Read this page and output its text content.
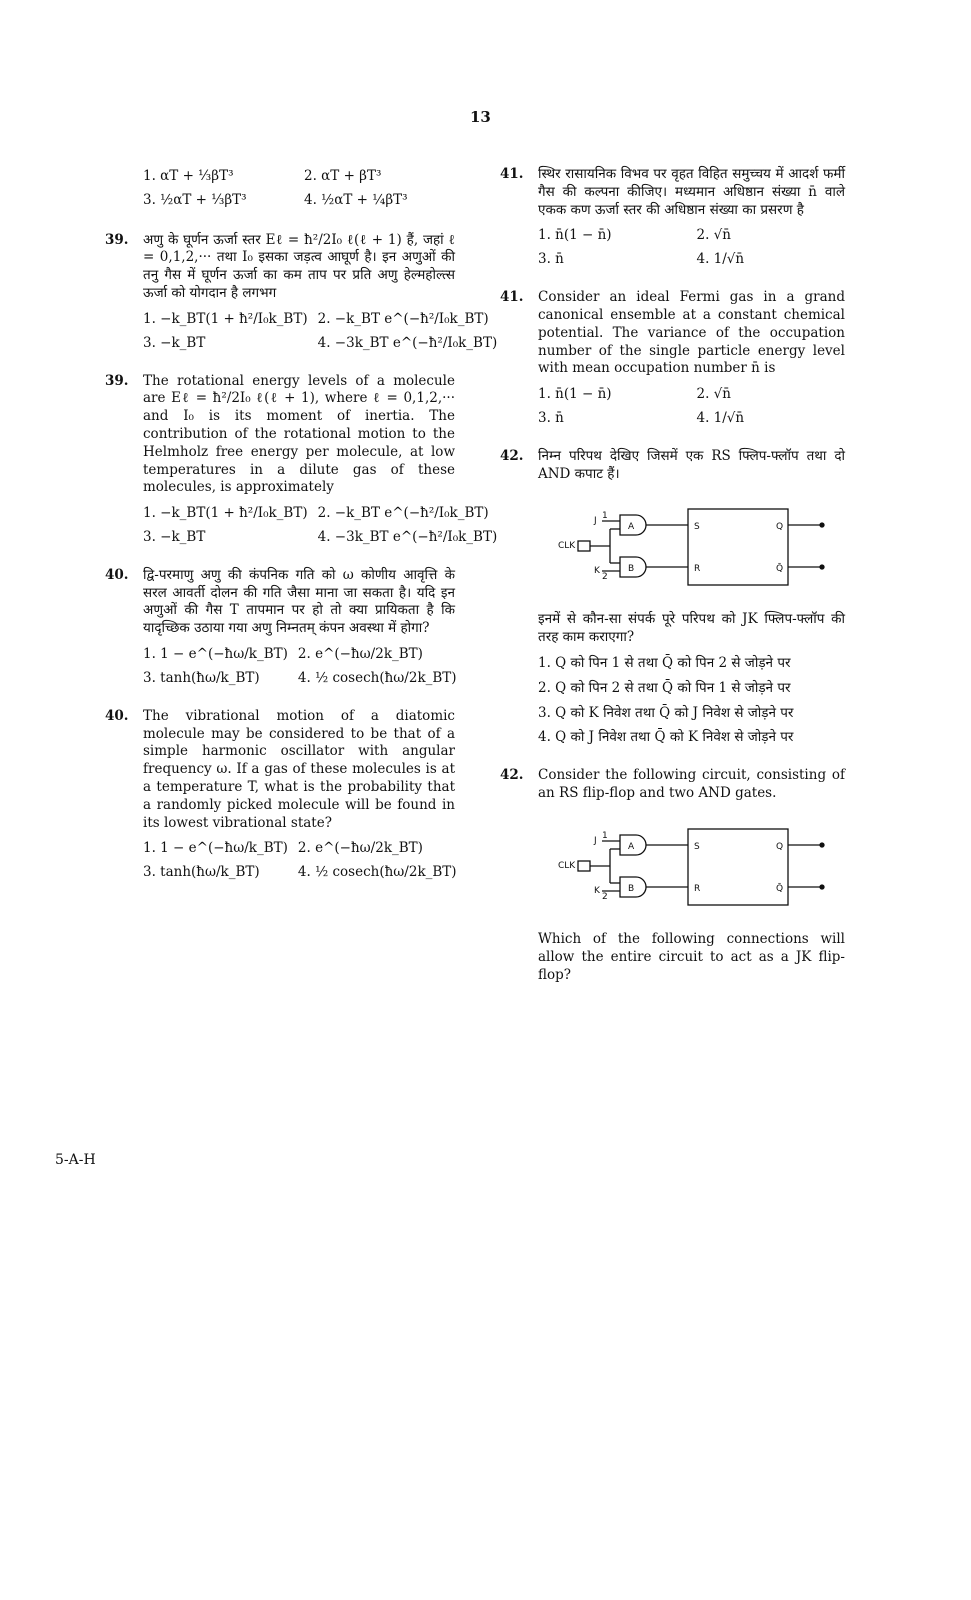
13
1. αT + ⅓βT³	2. αT + βT³
3. ½αT + ⅓βT³	4. ½αT + ¼βT³
39. अणु के घूर्णन ऊर्जा स्तर Eℓ = ħ²/2I₀ ℓ(ℓ + 1) हैं, जहां ℓ = 0,1,2,··· तथा I₀ इसका जड़त्व आघूर्ण है। इन अणुओं की तनु गैस में घूर्णन ऊर्जा का कम ताप पर प्रति अणु हेल्महोल्त्स ऊर्जा को योगदान है लगभग
1. −k_BT(1 + ħ²/I₀k_BT) 2. −k_BT e^(−ħ²/I₀k_BT)
3. −k_BT	4. −3k_BT e^(−ħ²/I₀k_BT)
39. The rotational energy levels of a molecule are Eℓ = ħ²/2I₀ ℓ(ℓ + 1), where ℓ = 0,1,2,··· and I₀ is its moment of inertia. The contribution of the rotational motion to the Helmholz free energy per molecule, at low temperatures in a dilute gas of these molecules, is approximately
1. −k_BT(1 + ħ²/I₀k_BT) 2. −k_BT e^(−ħ²/I₀k_BT)
3. −k_BT	4. −3k_BT e^(−ħ²/I₀k_BT)
40. द्वि-परमाणु अणु की कंपनिक गति को ω कोणीय आवृत्ति के सरल आवर्ती दोलन की गति जैसा माना जा सकता है। यदि इन अणुओं की गैस T तापमान पर हो तो क्या प्रायिकता है कि यादृच्छिक उठाया गया अणु निम्नतम् कंपन अवस्था में होगा?
1. 1 − e^(−ħω/k_BT) 2. e^(−ħω/2k_BT)
3. tanh(ħω/k_BT)	4. ½ cosech(ħω/2k_BT)
40. The vibrational motion of a diatomic molecule may be considered to be that of a simple harmonic oscillator with angular frequency ω. If a gas of these molecules is at a temperature T, what is the probability that a randomly picked molecule will be found in its lowest vibrational state?
1. 1 − e^(−ħω/k_BT) 2. e^(−ħω/2k_BT)
3. tanh(ħω/k_BT)	4. ½ cosech(ħω/2k_BT)
41. स्थिर रासायनिक विभव पर वृहत विहित समुच्चय में आदर्श फर्मी गैस की कल्पना कीजिए। मध्यमान अधिष्ठान संख्या n̄ वाले एकक कण ऊर्जा स्तर की अधिष्ठान संख्या का प्रसरण है
1. n̄(1 − n̄)	2. √n̄
3. n̄	4. 1/√n̄
41. Consider an ideal Fermi gas in a grand canonical ensemble at a constant chemical potential. The variance of the occupation number of the single particle energy level with mean occupation number n̄ is
1. n̄(1 − n̄)	2. √n̄
3. n̄	4. 1/√n̄
42. निम्न परिपथ देखिए जिसमें एक RS फ्लिप-फ्लॉप तथा दो AND कपाट हैं।
J 1
CLK
K
2
A
B
S
R
Q
Q̄
इनमें से कौन-सा संपर्क पूरे परिपथ को JK फ्लिप-फ्लॉप की तरह काम कराएगा?
1. Q को पिन 1 से तथा Q̄ को पिन 2 से जोड़ने पर
2. Q को पिन 2 से तथा Q̄ को पिन 1 से जोड़ने पर
3. Q को K निवेश तथा Q̄ को J निवेश से जोड़ने पर
4. Q को J निवेश तथा Q̄ को K निवेश से जोड़ने पर
42. Consider the following circuit, consisting of an RS flip-flop and two AND gates.
J 1
CLK
K
2
A
B
S
R
Q
Q̄
Which of the following connections will allow the entire circuit to act as a JK flip-flop?
5-A-H
